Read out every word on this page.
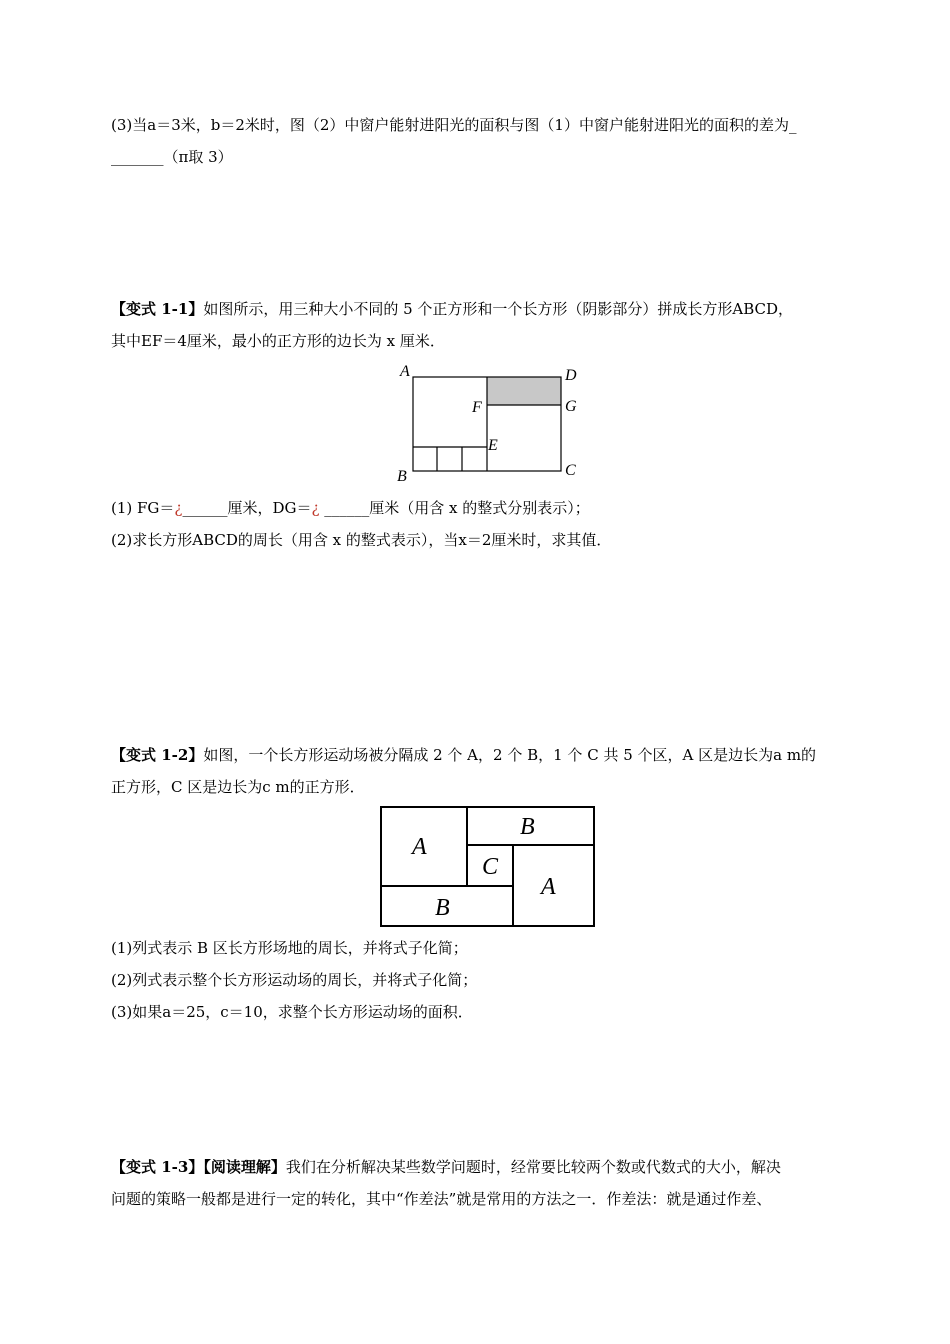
(3)当a＝3米，b＝2米时，图（2）中窗户能射进阳光的面积与图（1）中窗户能射进阳光的面积的差为_
_______（π取 3）
【变式 1-1】如图所示，用三种大小不同的 5 个正方形和一个长方形（阴影部分）拼成长方形ABCD，
其中EF＝4厘米，最小的正方形的边长为 x 厘米．
A	D
F	G
E
B	C
(1) FG＝¿______厘米，DG＝¿ ______厘米（用含 x 的整式分别表示）；
(2)求长方形ABCD的周长（用含 x 的整式表示），当x＝2厘米时，求其值．
【变式 1-2】如图，一个长方形运动场被分隔成 2 个 A，2 个 B，1 个 C 共 5 个区，A 区是边长为a m的
正方形，C 区是边长为c m的正方形．
A
B
C
A
B
(1)列式表示 B 区长方形场地的周长，并将式子化简；
(2)列式表示整个长方形运动场的周长，并将式子化简；
(3)如果a＝25，c＝10，求整个长方形运动场的面积．
【变式 1-3】【阅读理解】我们在分析解决某些数学问题时，经常要比较两个数或代数式的大小，解决
问题的策略一般都是进行一定的转化，其中“作差法”就是常用的方法之一．作差法：就是通过作差、
